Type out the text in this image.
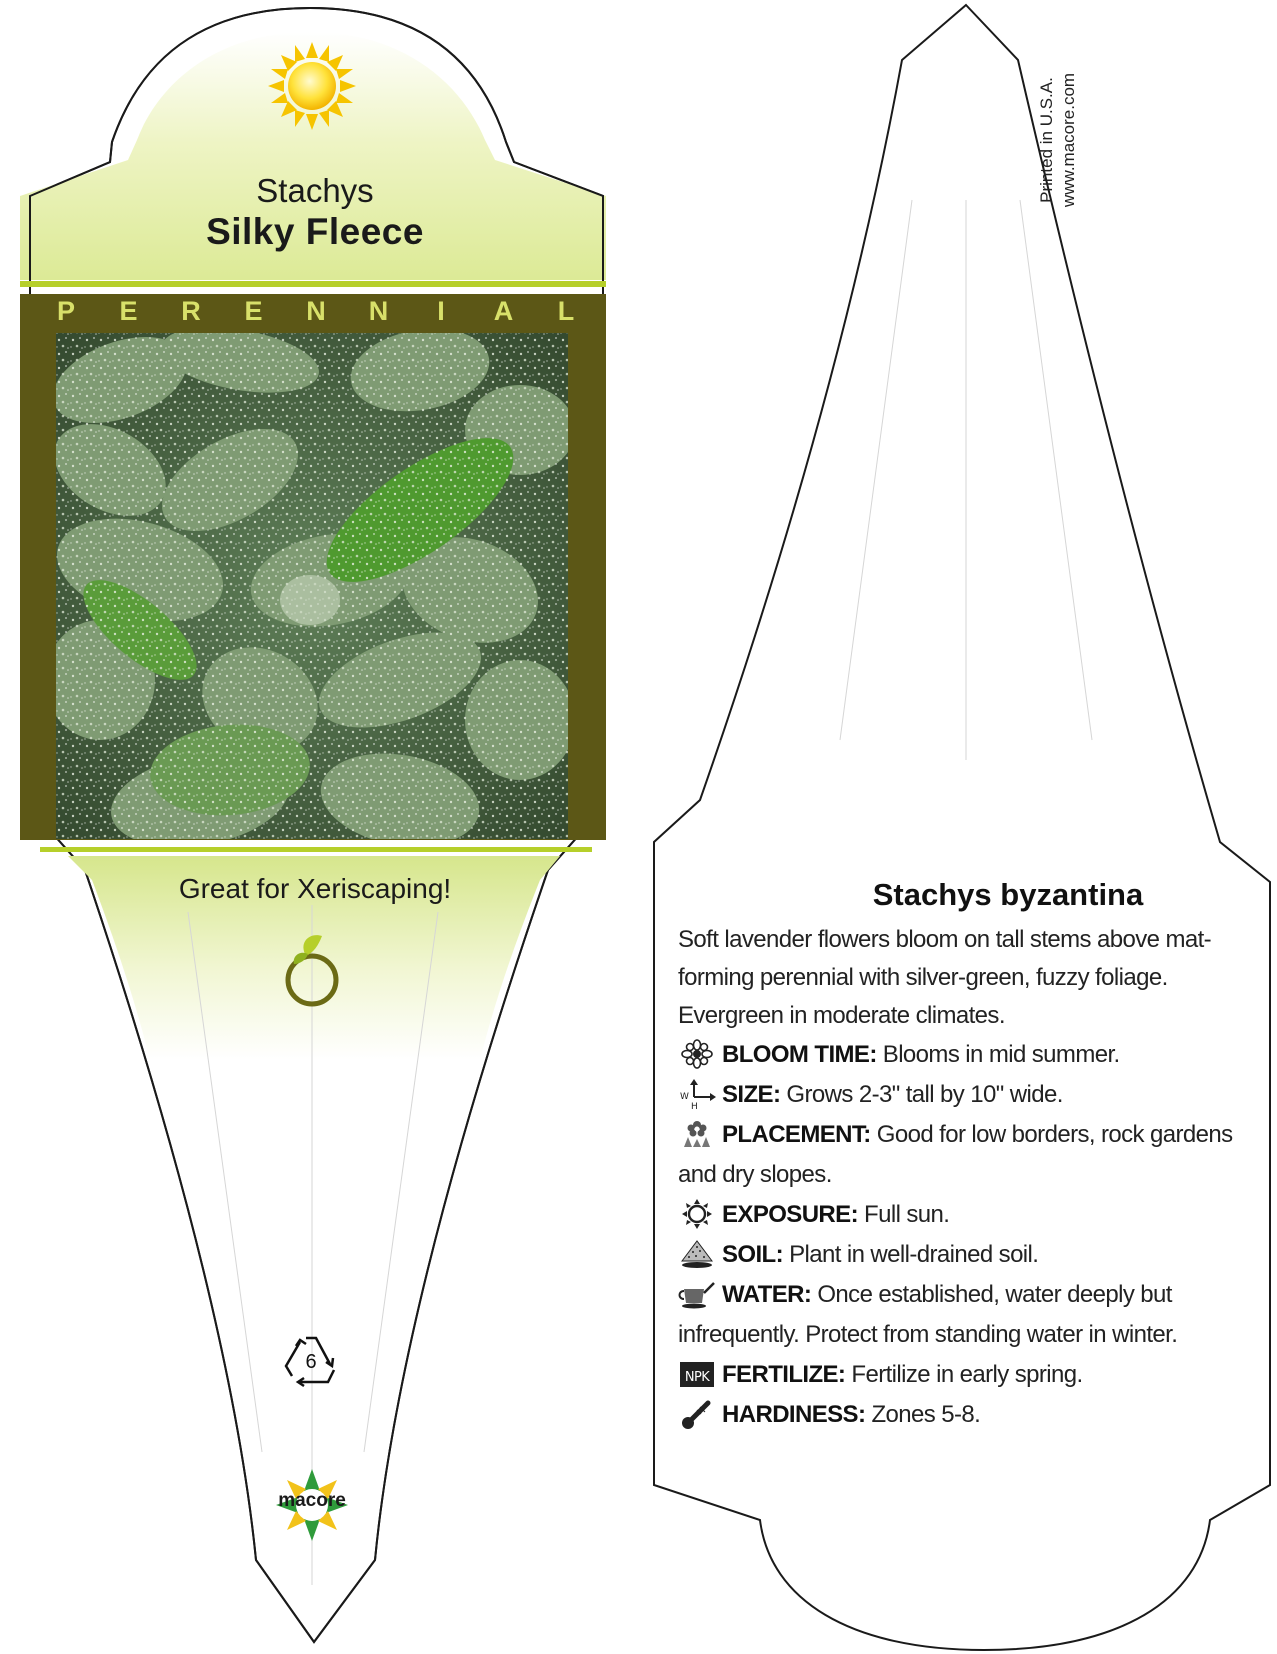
Stachys
Silky Fleece
P E R E N N I A L
Great for Xeriscaping!
6
macore
Printed in U.S.A. www.macore.com
Stachys byzantina
Soft lavender flowers bloom on tall stems above mat-forming perennial with silver-green, fuzzy foliage. Evergreen in moderate climates.
BLOOM TIME: Blooms in mid summer.
W
H SIZE: Grows 2-3" tall by 10" wide.
PLACEMENT: Good for low borders, rock gardens and dry slopes.
EXPOSURE: Full sun.
SOIL: Plant in well-drained soil.
WATER: Once established, water deeply but infrequently. Protect from standing water in winter.
NPK FERTILIZE: Fertilize in early spring.
HARDINESS: Zones 5-8.
